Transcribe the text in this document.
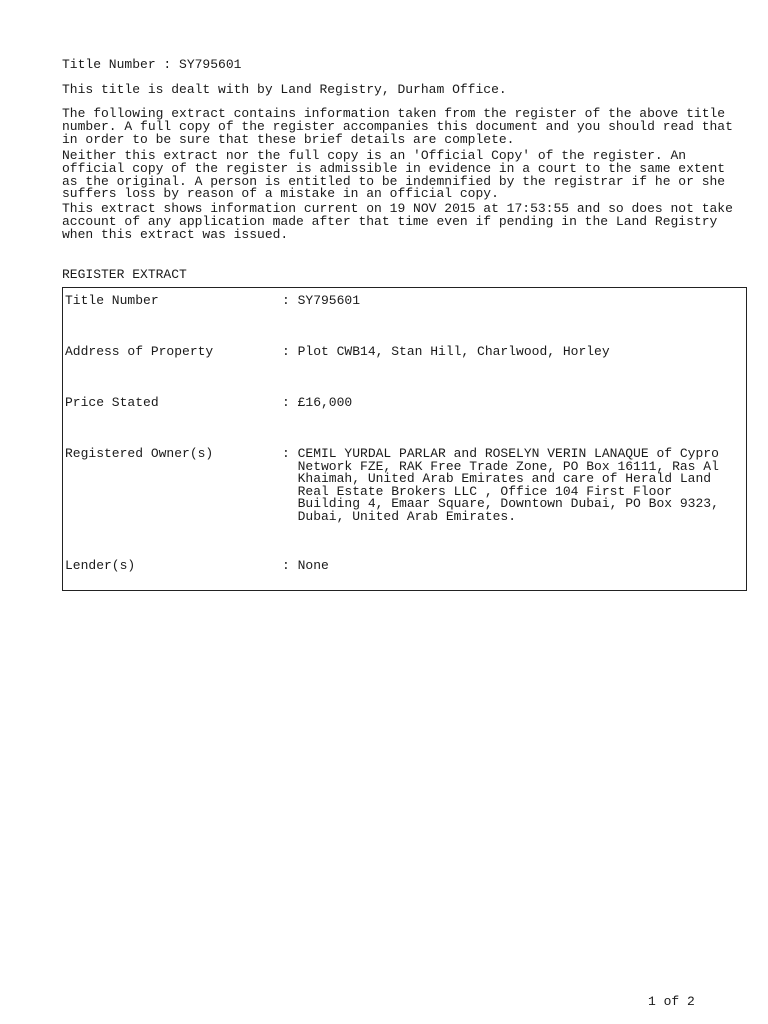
Title Number : SY795601
This title is dealt with by Land Registry, Durham Office.
The following extract contains information taken from the register of the above title
number. A full copy of the register accompanies this document and you should read that
in order to be sure that these brief details are complete.
Neither this extract nor the full copy is an 'Official Copy' of the register. An
official copy of the register is admissible in evidence in a court to the same extent
as the original. A person is entitled to be indemnified by the registrar if he or she
suffers loss by reason of a mistake in an official copy.
This extract shows information current on 19 NOV 2015 at 17:53:55 and so does not take
account of any application made after that time even if pending in the Land Registry
when this extract was issued.
REGISTER EXTRACT
Title Number	: SY795601
Address of Property	: Plot CWB14, Stan Hill, Charlwood, Horley
Price Stated	: £16,000
Registered Owner(s)	: CEMIL YURDAL PARLAR and ROSELYN VERIN LANAQUE of Cypro
Network FZE, RAK Free Trade Zone, PO Box 16111, Ras Al
Khaimah, United Arab Emirates and care of Herald Land
Real Estate Brokers LLC , Office 104 First Floor
Building 4, Emaar Square, Downtown Dubai, PO Box 9323,
Dubai, United Arab Emirates.
Lender(s)	: None
1 of 2
